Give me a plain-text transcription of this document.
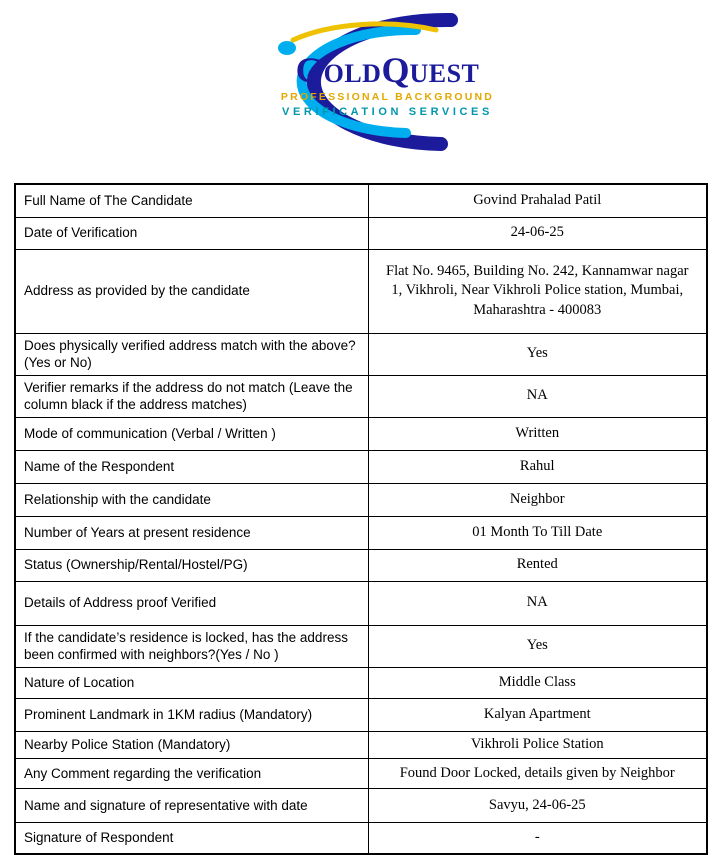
GOLDQUEST
PROFESSIONAL BACKGROUND
VERIFICATION SERVICES
Full Name of The Candidate	Govind Prahalad Patil
Date of Verification	24-06-25
Address as provided by the candidate	Flat No. 9465, Building No. 242, Kannamwar nagar 1, Vikhroli, Near Vikhroli Police station, Mumbai, Maharashtra - 400083
Does physically verified address match with the above? (Yes or No)	Yes
Verifier remarks if the address do not match (Leave the column black if the address matches)	NA
Mode of communication (Verbal / Written )	Written
Name of the Respondent	Rahul
Relationship with the candidate	Neighbor
Number of Years at present residence	01 Month To Till Date
Status (Ownership/Rental/Hostel/PG)	Rented
Details of Address proof Verified	NA
If the candidate’s residence is locked, has the address been confirmed with neighbors?(Yes / No )	Yes
Nature of Location	Middle Class
Prominent Landmark in 1KM radius (Mandatory)	Kalyan Apartment
Nearby Police Station (Mandatory)	Vikhroli Police Station
Any Comment regarding the verification	Found Door Locked, details given by Neighbor
Name and signature of representative with date	Savyu, 24-06-25
Signature of Respondent	-
